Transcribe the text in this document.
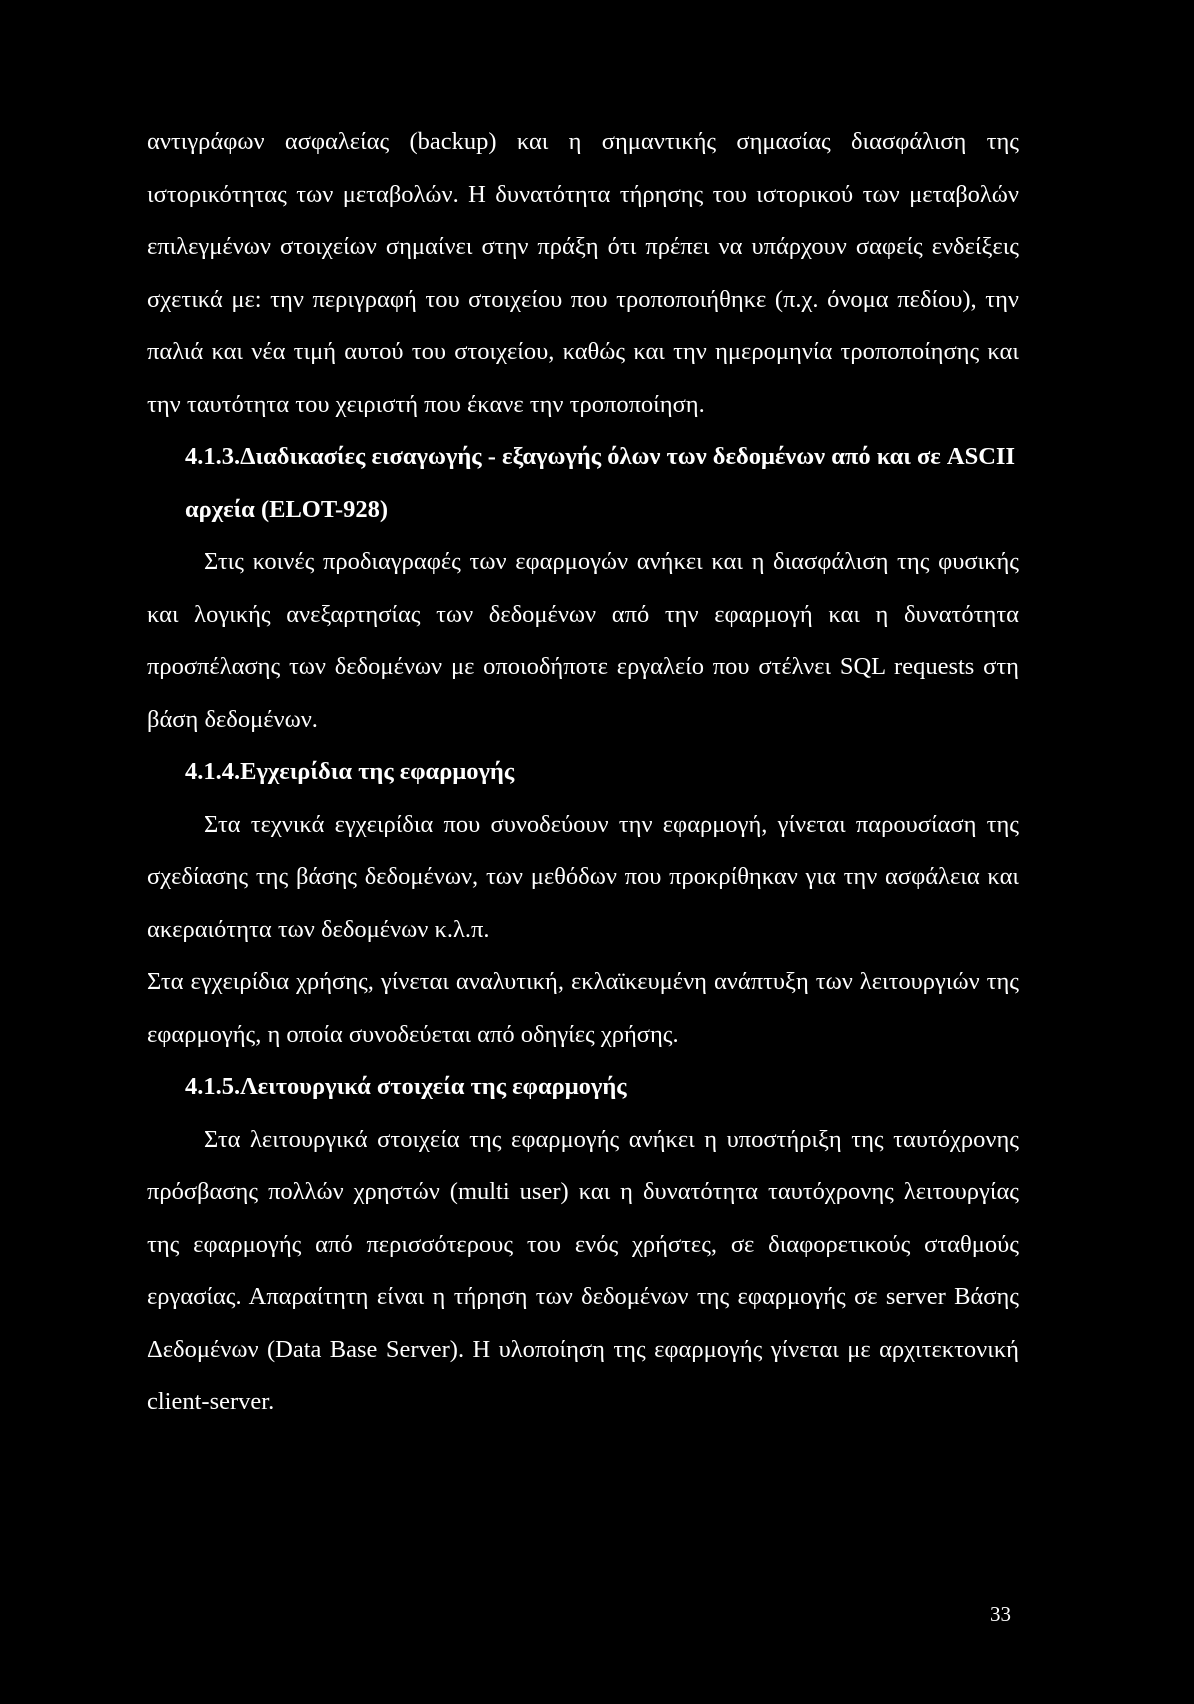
αντιγράφων ασφαλείας (backup) και η σημαντικής σημασίας διασφάλιση της ιστορικότητας των μεταβολών. Η δυνατότητα τήρησης του ιστορικού των μεταβολών επιλεγμένων στοιχείων σημαίνει στην πράξη ότι πρέπει να υπάρχουν σαφείς ενδείξεις σχετικά με: την περιγραφή του στοιχείου που τροποποιήθηκε (π.χ. όνομα πεδίου), την παλιά και νέα τιμή αυτού του στοιχείου, καθώς και την ημερομηνία τροποποίησης και την ταυτότητα του χειριστή που έκανε την τροποποίηση.

4.1.3.Διαδικασίες εισαγωγής - εξαγωγής όλων των δεδομένων από και σε ASCII αρχεία (ELOT-928)

Στις κοινές προδιαγραφές των εφαρμογών ανήκει και η διασφάλιση της φυσικής και λογικής ανεξαρτησίας των δεδομένων από την εφαρμογή και η δυνατότητα προσπέλασης των δεδομένων με οποιοδήποτε εργαλείο που στέλνει SQL requests στη βάση δεδομένων.

4.1.4.Εγχειρίδια της εφαρμογής

Στα τεχνικά εγχειρίδια που συνοδεύουν την εφαρμογή, γίνεται παρουσίαση της σχεδίασης της βάσης δεδομένων, των μεθόδων που προκρίθηκαν για την ασφάλεια και ακεραιότητα των δεδομένων κ.λ.π.

Στα εγχειρίδια χρήσης, γίνεται αναλυτική, εκλαϊκευμένη ανάπτυξη των λειτουργιών της εφαρμογής, η οποία συνοδεύεται από οδηγίες χρήσης.

4.1.5.Λειτουργικά στοιχεία της εφαρμογής

Στα λειτουργικά στοιχεία της εφαρμογής ανήκει η υποστήριξη της ταυτόχρονης πρόσβασης πολλών χρηστών (multi user) και η δυνατότητα ταυτόχρονης λειτουργίας της εφαρμογής από περισσότερους του ενός χρήστες, σε διαφορετικούς σταθμούς εργασίας. Απαραίτητη είναι η τήρηση των δεδομένων της εφαρμογής σε server Βάσης Δεδομένων (Data Base Server). Η υλοποίηση της εφαρμογής γίνεται με αρχιτεκτονική client-server.

33
